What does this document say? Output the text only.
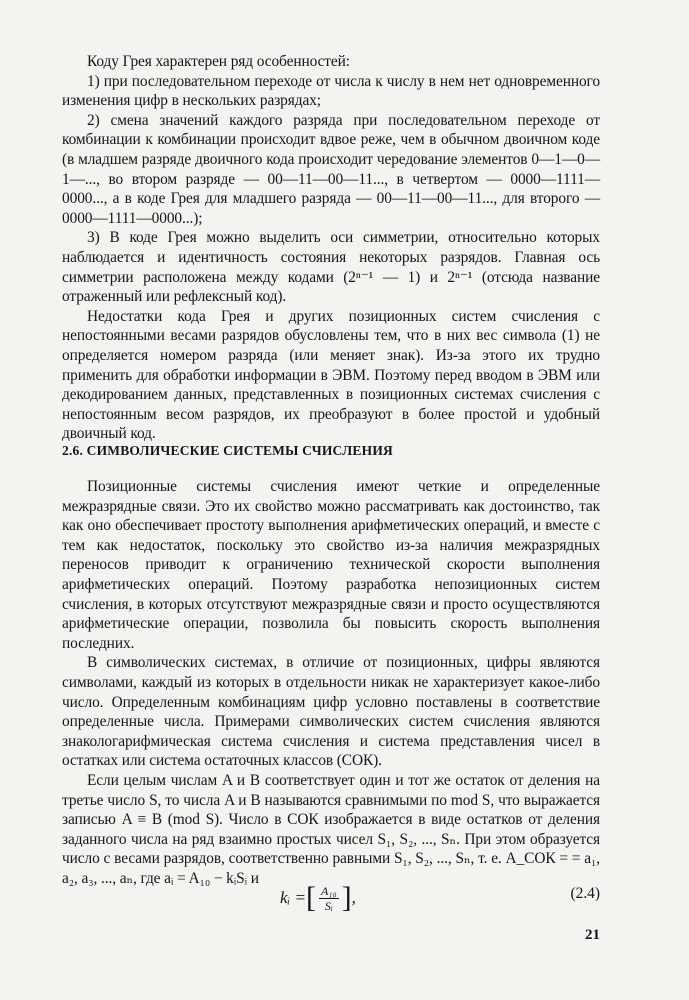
Коду Грея характерен ряд особенностей:

1) при последовательном переходе от числа к числу в нем нет одновременного изменения цифр в нескольких разрядах;

2) смена значений каждого разряда при последовательном переходе от комбинации к комбинации происходит вдвое реже, чем в обычном двоичном коде (в младшем разряде двоичного кода происходит чередование элементов 0—1—0—1—..., во втором разряде — 00—11—00—11..., в четвертом — 0000—1111—0000..., а в коде Грея для младшего разряда — 00—11—00—11..., для второго — 0000—1111—0000...);

3) В коде Грея можно выделить оси симметрии, относительно которых наблюдается и идентичность состояния некоторых разрядов. Главная ось симметрии расположена между кодами (2ⁿ⁻¹ — 1) и 2ⁿ⁻¹ (отсюда название отраженный или рефлексный код).

Недостатки кода Грея и других позиционных систем счисления с непостоянными весами разрядов обусловлены тем, что в них вес символа (1) не определяется номером разряда (или меняет знак). Из-за этого их трудно применить для обработки информации в ЭВМ. Поэтому перед вводом в ЭВМ или декодированием данных, представленных в позиционных системах счисления с непостоянным весом разрядов, их преобразуют в более простой и удобный двоичный код.

2.6. СИМВОЛИЧЕСКИЕ СИСТЕМЫ СЧИСЛЕНИЯ

Позиционные системы счисления имеют четкие и определенные межразрядные связи. Это их свойство можно рассматривать как достоинство, так как оно обеспечивает простоту выполнения арифметических операций, и вместе с тем как недостаток, поскольку это свойство из-за наличия межразрядных переносов приводит к ограничению технической скорости выполнения арифметических операций. Поэтому разработка непозиционных систем счисления, в которых отсутствуют межразрядные связи и просто осуществляются арифметические операции, позволила бы повысить скорость выполнения последних.

В символических системах, в отличие от позиционных, цифры являются символами, каждый из которых в отдельности никак не характеризует какое-либо число. Определенным комбинациям цифр условно поставлены в соответствие определенные числа. Примерами символических систем счисления являются знакологарифмическая система счисления и система представления чисел в остатках или система остаточных классов (СОК).

Если целым числам A и B соответствует один и тот же остаток от деления на третье число S, то числа A и B называются сравнимыми по mod S, что выражается записью A ≡ B (mod S). Число в СОК изображается в виде остатков от деления заданного числа на ряд взаимно простых чисел S₁, S₂, ..., Sₙ. При этом образуется число с весами разрядов, соответственно равными S₁, S₂, ..., Sₙ, т. е. A_СОК = = a₁, a₂, a₃, ..., aₙ, где aᵢ = A₁₀ − kᵢSᵢ и

kᵢ = [ $\frac{\text{A₁₀}}{\text{Sᵢ}}$ ] ,	(2.4)
21
